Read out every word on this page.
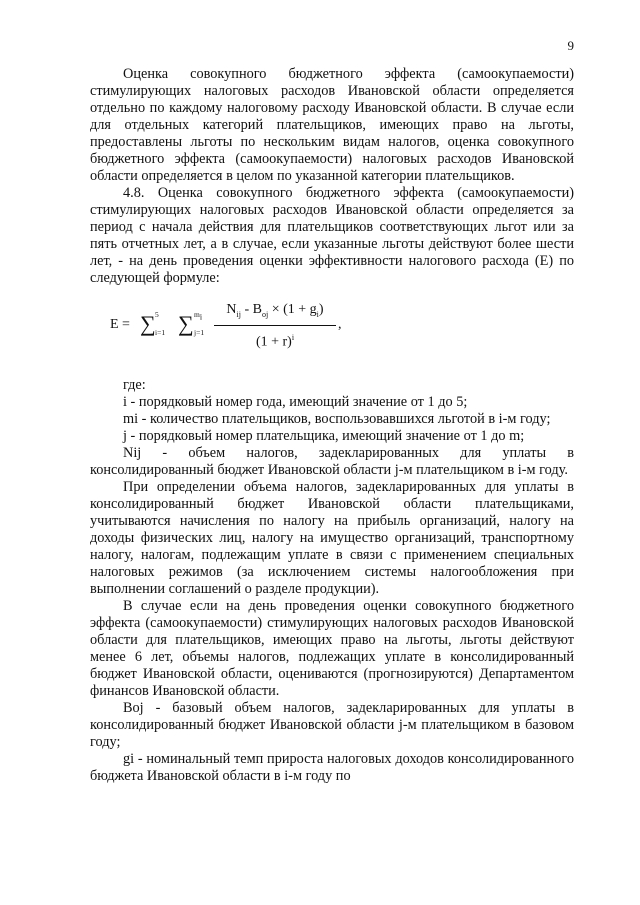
9

Оценка совокупного бюджетного эффекта (самоокупаемости) стимулирующих налоговых расходов Ивановской области определяется отдельно по каждому налоговому расходу Ивановской области. В случае если для отдельных категорий плательщиков, имеющих право на льготы, предоставлены льготы по нескольким видам налогов, оценка совокупного бюджетного эффекта (самоокупаемости) налоговых расходов Ивановской области определяется в целом по указанной категории плательщиков.

4.8. Оценка совокупного бюджетного эффекта (самоокупаемости) стимулирующих налоговых расходов Ивановской области определяется за период с начала действия для плательщиков соответствующих льгот или за пять отчетных лет, а в случае, если указанные льготы действуют более шести лет, - на день проведения оценки эффективности налогового расхода (E) по следующей формуле:

E = ∑ 5
i=1 ∑ $m_i$
j=1
$N_{ij} - B_{oj} \times (1 + g_i)$
$(1 + r)^i$
,

где:

i - порядковый номер года, имеющий значение от 1 до 5;

mi - количество плательщиков, воспользовавшихся льготой в i-м году;

j - порядковый номер плательщика, имеющий значение от 1 до m;

Nij - объем налогов, задекларированных для уплаты в консолидированный бюджет Ивановской области j-м плательщиком в i-м году.

При определении объема налогов, задекларированных для уплаты в консолидированный бюджет Ивановской области плательщиками, учитываются начисления по налогу на прибыль организаций, налогу на доходы физических лиц, налогу на имущество организаций, транспортному налогу, налогам, подлежащим уплате в связи с применением специальных налоговых режимов (за исключением системы налогообложения при выполнении соглашений о разделе продукции).

В случае если на день проведения оценки совокупного бюджетного эффекта (самоокупаемости) стимулирующих налоговых расходов Ивановской области для плательщиков, имеющих право на льготы, льготы действуют менее 6 лет, объемы налогов, подлежащих уплате в консолидированный бюджет Ивановской области, оцениваются (прогнозируются) Департаментом финансов Ивановской области.

Boj - базовый объем налогов, задекларированных для уплаты в консолидированный бюджет Ивановской области j-м плательщиком в базовом году;

gi - номинальный темп прироста налоговых доходов консолидированного бюджета Ивановской области в i-м году по
